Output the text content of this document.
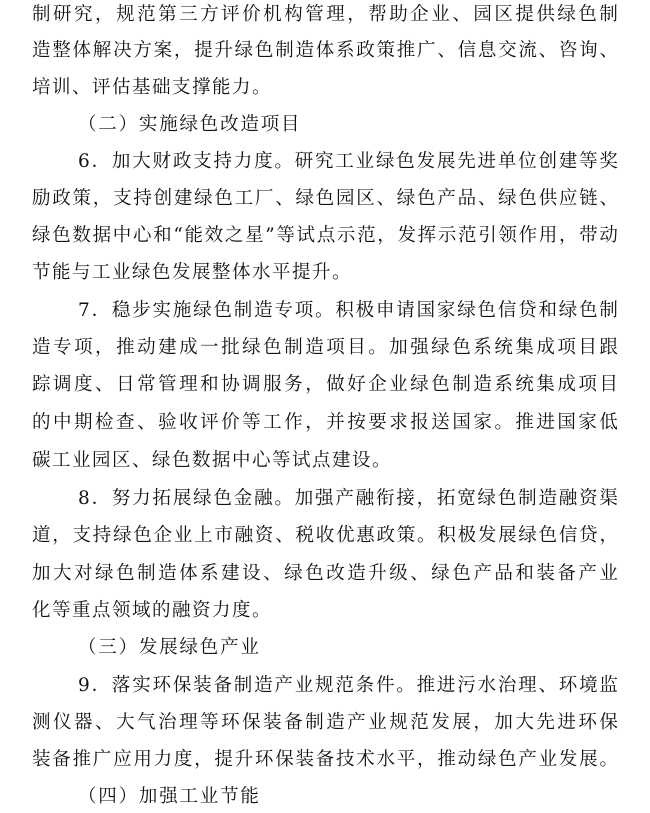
制 研 究 ， 规 范 第 三 方 评 价 机 构 管 理 ， 帮 助 企 业 、 园 区 提 供 绿 色 制
造 整 体 解 决 方 案 ， 提 升 绿 色 制 造 体 系 政 策 推 广 、 信 息 交 流 、 咨 询 、
培训、评估基础支撑能力。
（二）实施绿色改造项目
6 ． 加 大 财 政 支 持 力 度 。 研 究 工 业 绿 色 发 展 先 进 单 位 创 建 等 奖
励 政 策 ， 支 持 创 建 绿 色 工 厂 、 绿 色 园 区 、 绿 色 产 品 、 绿 色 供 应 链 、
绿 色 数 据 中 心 和 “ 能 效 之 星 ” 等 试 点 示 范 ， 发 挥 示 范 引 领 作 用 ， 带 动
节能与工业绿色发展整体水平提升。
7 ． 稳 步 实 施 绿 色 制 造 专 项 。 积 极 申 请 国 家 绿 色 信 贷 和 绿 色 制
造 专 项 ， 推 动 建 成 一 批 绿 色 制 造 项 目 。 加 强 绿 色 系 统 集 成 项 目 跟
踪 调 度 、 日 常 管 理 和 协 调 服 务 ， 做 好 企 业 绿 色 制 造 系 统 集 成 项 目
的 中 期 检 查 、 验 收 评 价 等 工 作 ， 并 按 要 求 报 送 国 家 。 推 进 国 家 低
碳工业园区、绿色数据中心等试点建设。
8 ． 努 力 拓 展 绿 色 金 融 。 加 强 产 融 衔 接 ， 拓 宽 绿 色 制 造 融 资 渠
道 ， 支 持 绿 色 企 业 上 市 融 资 、 税 收 优 惠 政 策 。 积 极 发 展 绿 色 信 贷 ，
加 大 对 绿 色 制 造 体 系 建 设 、 绿 色 改 造 升 级 、 绿 色 产 品 和 装 备 产 业
化等重点领域的融资力度。
（三）发展绿色产业
9 ． 落 实 环 保 装 备 制 造 产 业 规 范 条 件 。 推 进 污 水 治 理 、 环 境 监
测 仪 器 、 大 气 治 理 等 环 保 装 备 制 造 产 业 规 范 发 展 ， 加 大 先 进 环 保
装 备 推 广 应 用 力 度 ， 提 升 环 保 装 备 技 术 水 平 ， 推 动 绿 色 产 业 发 展 。
（四）加强工业节能
